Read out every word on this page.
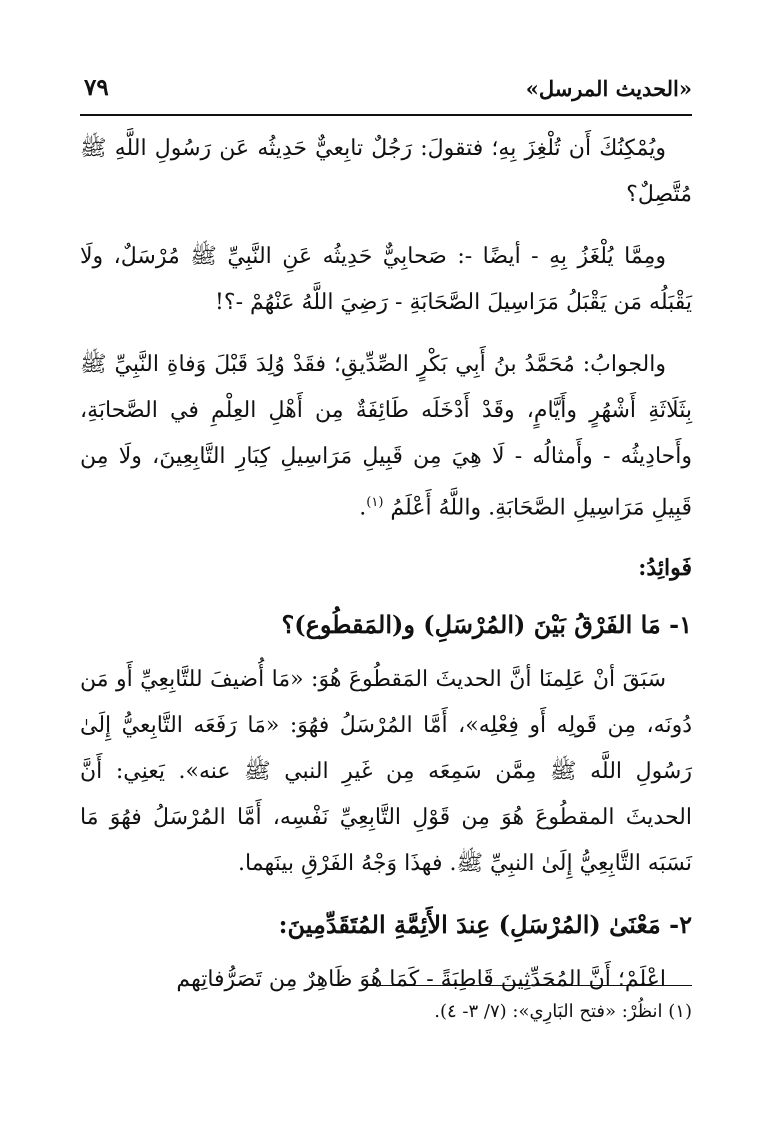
«الحديث المرسل»
٧٩

ويُمْكِنُكَ أَن تُلْغِزَ بِهِ؛ فتقولَ: رَجُلٌ تابِعيٌّ حَدِيثُه عَن رَسُولِ اللَّهِ ﷺ مُتَّصِلٌ؟

ومِمَّا يُلْغَزُ بِهِ - أيضًا -: صَحابِيٌّ حَدِيثُه عَنِ النَّبِيِّ ﷺ مُرْسَلٌ، ولَا يَقْبَلُه مَن يَقْبَلُ مَرَاسِيلَ الصَّحَابَةِ - رَضِيَ اللَّهُ عَنْهُمْ -؟!

والجوابُ: مُحَمَّدُ بنُ أَبِي بَكْرٍ الصِّدِّيقِ؛ فقَدْ وُلِدَ قَبْلَ وَفاةِ النَّبِيِّ ﷺ بِثَلَاثَةِ أَشْهُرٍ وأَيَّامٍ، وقَدْ أَدْخَلَه طَائِفَةٌ مِن أَهْلِ العِلْمِ في الصَّحابَةِ، وأَحادِيثُه - وأَمثالُه - لَا هِيَ مِن قَبِيلِ مَرَاسِيلِ كِبَارِ التَّابِعِينَ، ولَا مِن قَبِيلِ مَرَاسِيلِ الصَّحَابَةِ. واللَّهُ أَعْلَمُ $^{(١)}$.

فَوائِدُ:
١- مَا الفَرْقُ بَيْنَ (المُرْسَلِ) و(المَقطُوع)؟

سَبَقَ أنْ عَلِمنَا أنَّ الحديثَ المَقطُوعَ هُوَ: «مَا أُضيفَ للتَّابِعِيِّ أَو مَن دُونَه، مِن قَولِه أَو فِعْلِه»، أَمَّا المُرْسَلُ فهُوَ: «مَا رَفَعَه التَّابِعيُّ إِلَىٰ رَسُولِ اللَّه ﷺ مِمَّن سَمِعَه مِن غَيرِ النبي ﷺ عنه». يَعنِي: أَنَّ الحديثَ المقطُوعَ هُوَ مِن قَوْلِ التَّابِعِيِّ نَفْسِه، أَمَّا المُرْسَلُ فهُوَ مَا نَسَبَه التَّابِعِيُّ إِلَىٰ النبِيِّ ﷺ. فهذَا وَجْهُ الفَرْقِ بينَهما.

٢- مَعْنَىٰ (المُرْسَلِ) عِندَ الأَئِمَّةِ المُتَقَدِّمِينَ:

اعْلَمْ؛ أَنَّ المُحَدِّثِينَ قَاطِبَةً - كَمَا هُوَ ظَاهِرٌ مِن تَصَرُّفاتِهم

(١) انظُرْ: «فتح البَارِي»: (٧/ ٣- ٤).
